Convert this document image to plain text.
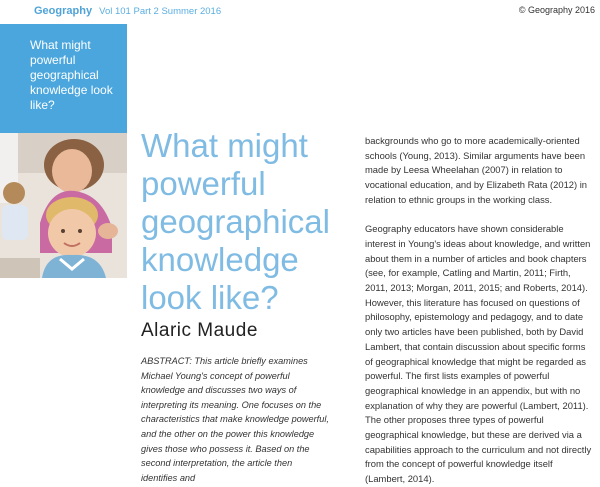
Geography Vol 101 Part 2 Summer 2016	© Geography 2016
What might powerful geographical knowledge look like?
What might powerful geographical knowledge look like?
Alaric Maude
ABSTRACT: This article briefly examines Michael Young's concept of powerful knowledge and discusses two ways of interpreting its meaning. One focuses on the characteristics that make knowledge powerful, and the other on the power this knowledge gives those who possess it. Based on the second interpretation, the article then identifies and

backgrounds who go to more academically-oriented schools (Young, 2013). Similar arguments have been made by Leesa Wheelahan (2007) in relation to vocational education, and by Elizabeth Rata (2012) in relation to ethnic groups in the working class.

Geography educators have shown considerable interest in Young's ideas about knowledge, and written about them in a number of articles and book chapters (see, for example, Catling and Martin, 2011; Firth, 2011, 2013; Morgan, 2011, 2015; and Roberts, 2014). However, this literature has focused on questions of philosophy, epistemology and pedagogy, and to date only two articles have been published, both by David Lambert, that contain discussion about specific forms of geographical knowledge that might be regarded as powerful. The first lists examples of powerful geographical knowledge in an appendix, but with no explanation of why they are powerful (Lambert, 2011). The other proposes three types of powerful geographical knowledge, but these are derived via a capabilities approach to the curriculum and not directly from the concept of powerful knowledge itself (Lambert, 2014).
